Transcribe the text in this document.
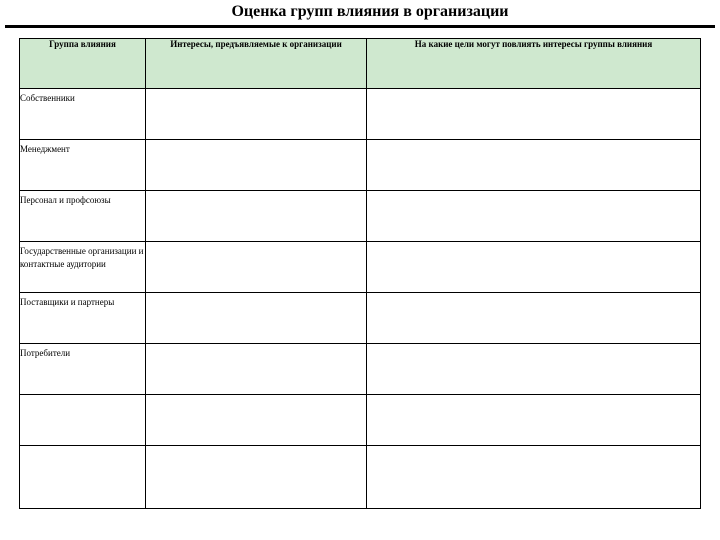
Оценка групп влияния в организации
Группа влияния	Интересы, предъявляемые к организации	На какие цели могут повлиять интересы группы влияния

Собственники		

Менеджмент		

Персонал и профсоюзы		

Государственные организации и контактные аудитории		

Поставщики и партнеры		

Потребители		
